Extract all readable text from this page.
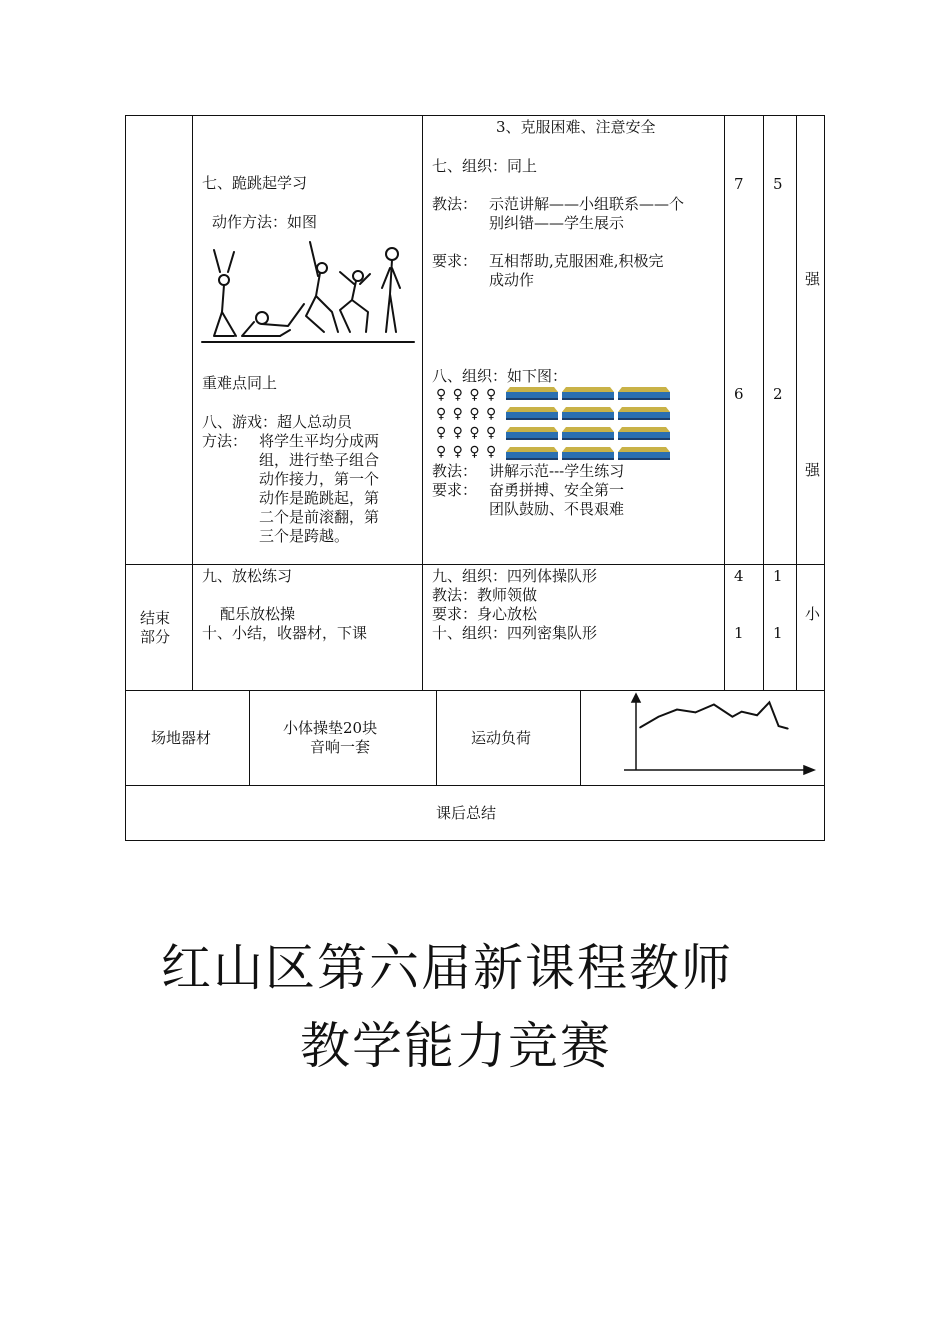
七、跪跳起学习
动作方法：如图
重难点同上
八、游戏：超人总动员
方法： 将学生平均分成两
组，进行垫子组合
动作接力，第一个
动作是跪跳起，第
二个是前滚翻，第
三个是跨越。
3、克服困难、注意安全
七、组织：同上
教法： 示范讲解——小组联系——个
别纠错——学生展示
要求： 互相帮助,克服困难,积极完
成动作
八、组织：如下图：
♀ ♀ ♀ ♀
♀ ♀ ♀ ♀
♀ ♀ ♀ ♀
♀ ♀ ♀ ♀
教法： 讲解示范---学生练习
要求： 奋勇拼搏、安全第一
团队鼓励、不畏艰难
7 5
6 2
强
强
结束
部分
九、放松练习
配乐放松操
十、小结，收器材，下课
九、组织：四列体操队形
教法：教师领做
要求：身心放松
十、组织：四列密集队形
4
1
1
1
小
场地器材
小体操垫20块
音响一套	运动负荷
课后总结
红山区第六届新课程教师
教学能力竞赛
